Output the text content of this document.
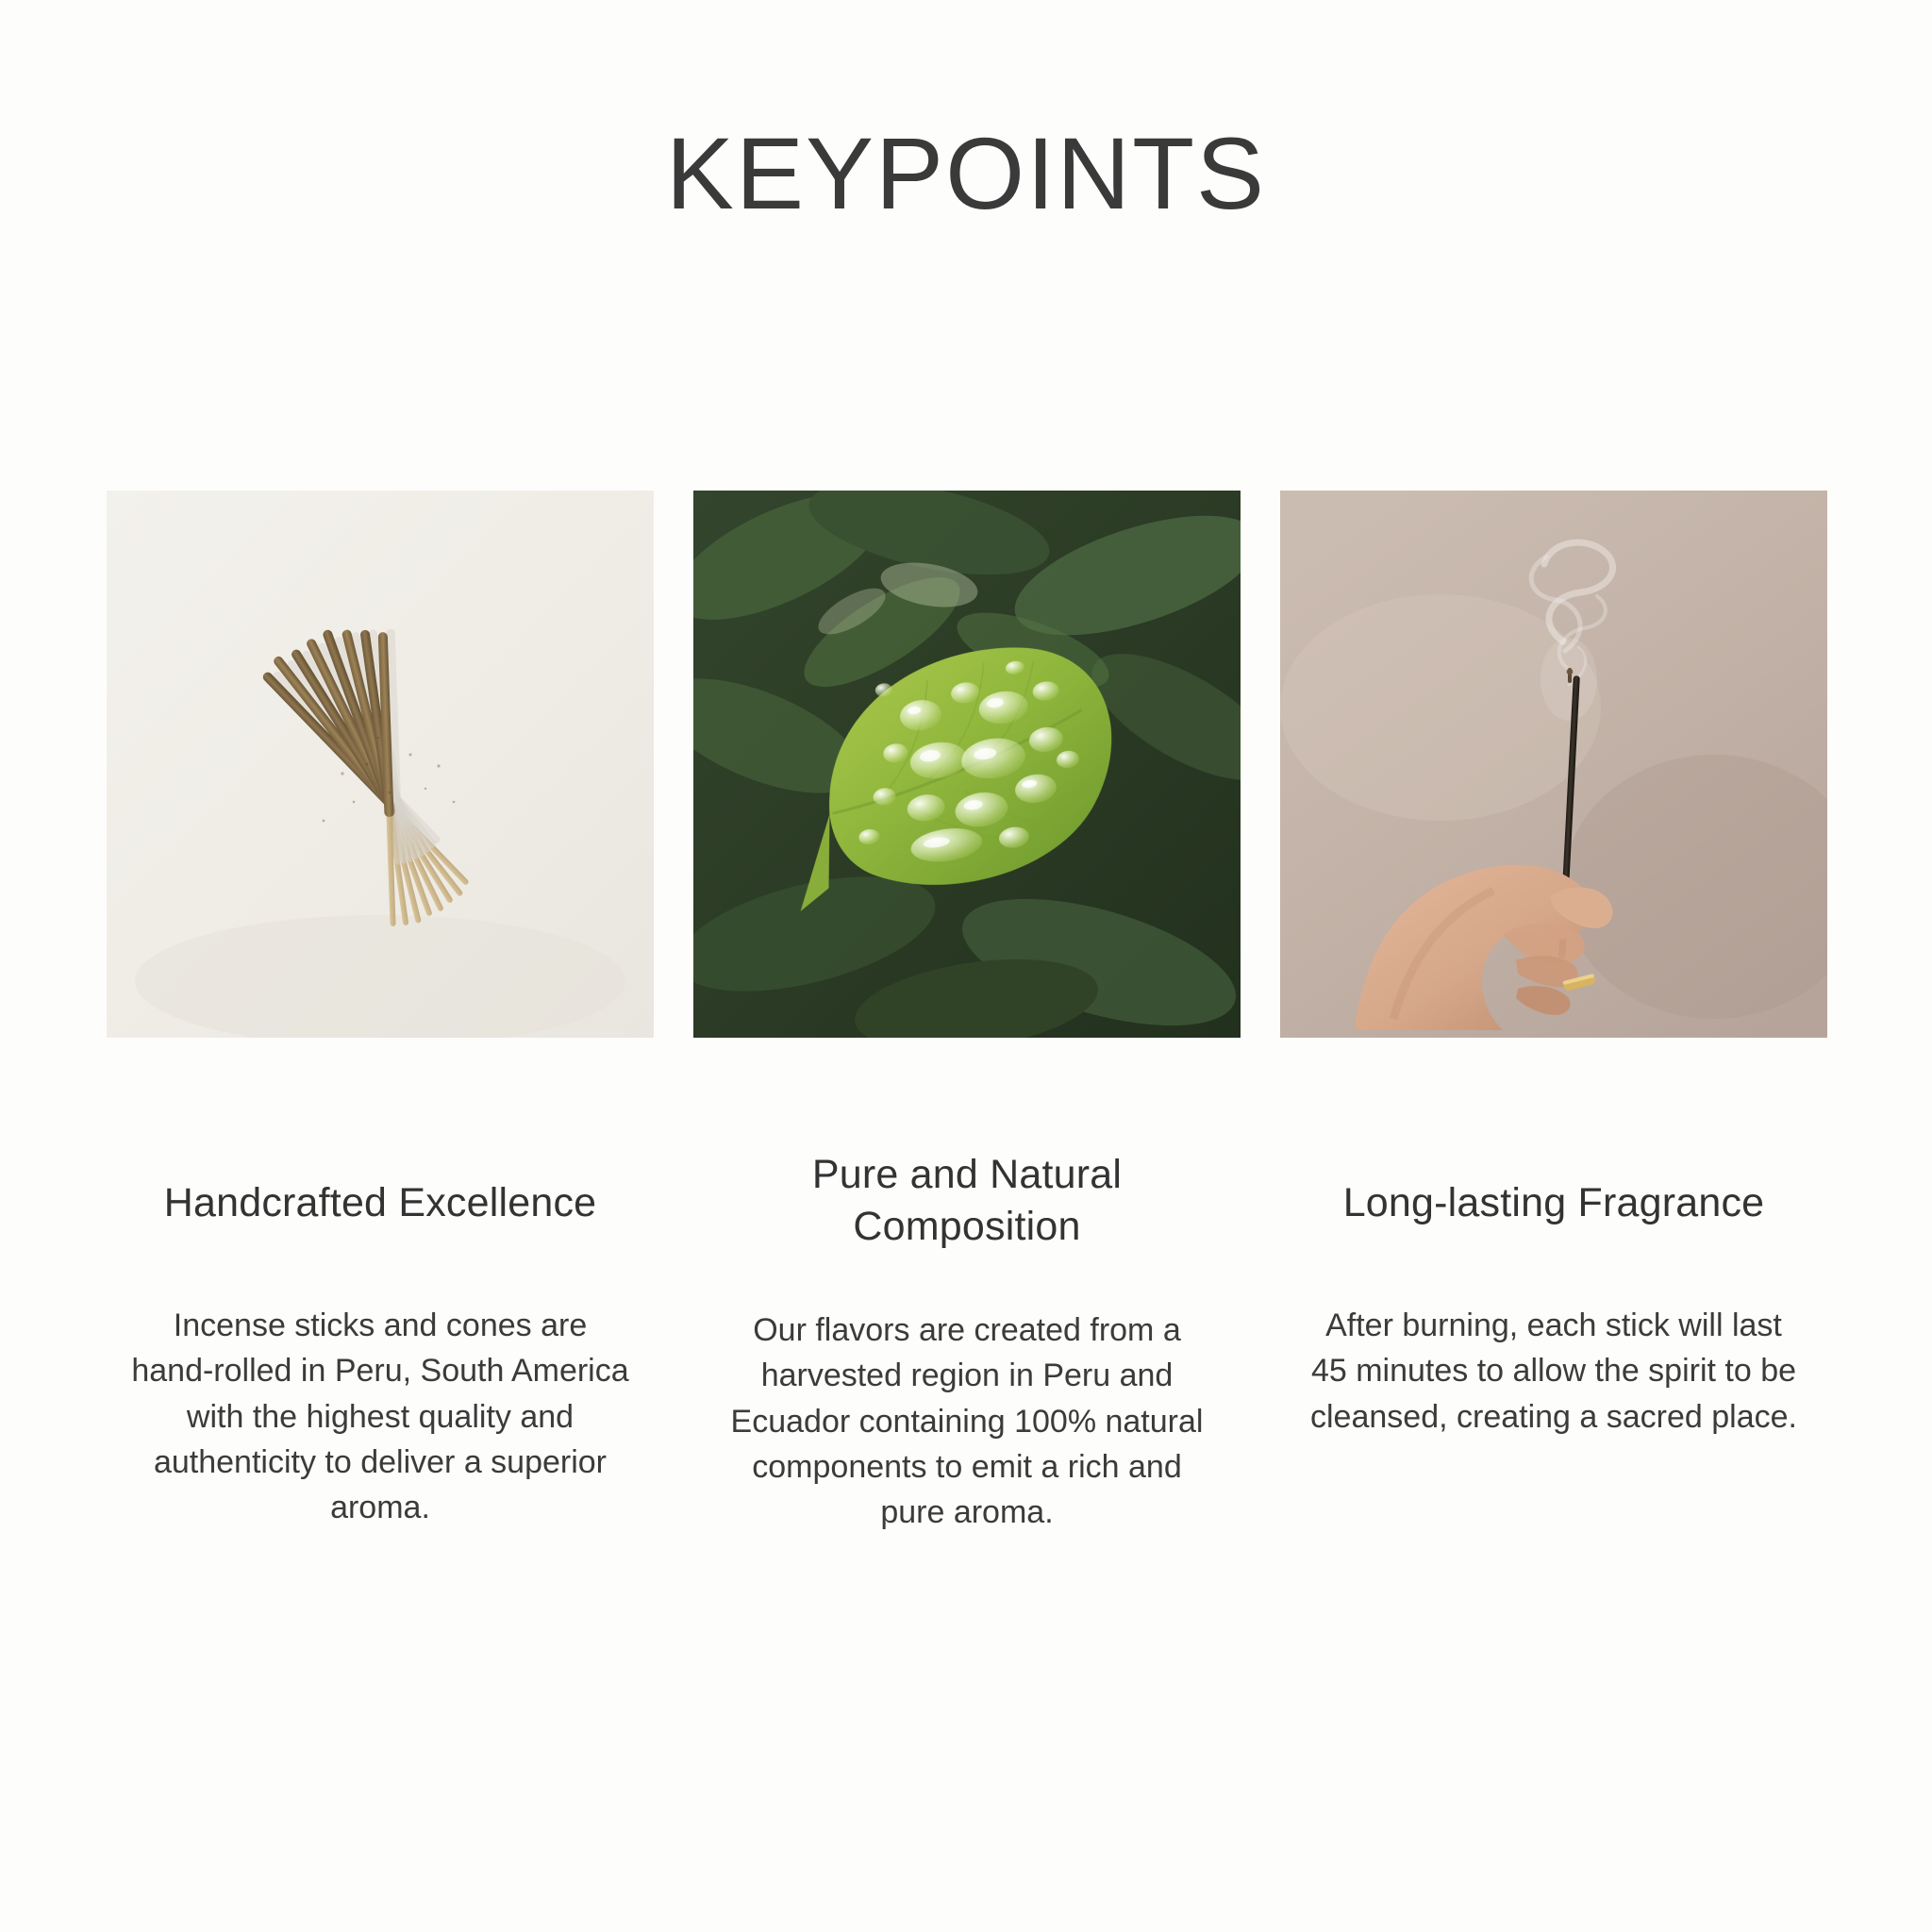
KEYPOINTS
Handcrafted Excellence
Incense sticks and cones are hand-rolled in Peru, South America with the highest quality and authenticity to deliver a superior aroma.
Pure and Natural Composition
Our flavors are created from a harvested region in Peru and Ecuador containing 100% natural components to emit a rich and pure aroma.
Long-lasting Fragrance
After burning, each stick will last 45 minutes to allow the spirit to be cleansed, creating a sacred place.
